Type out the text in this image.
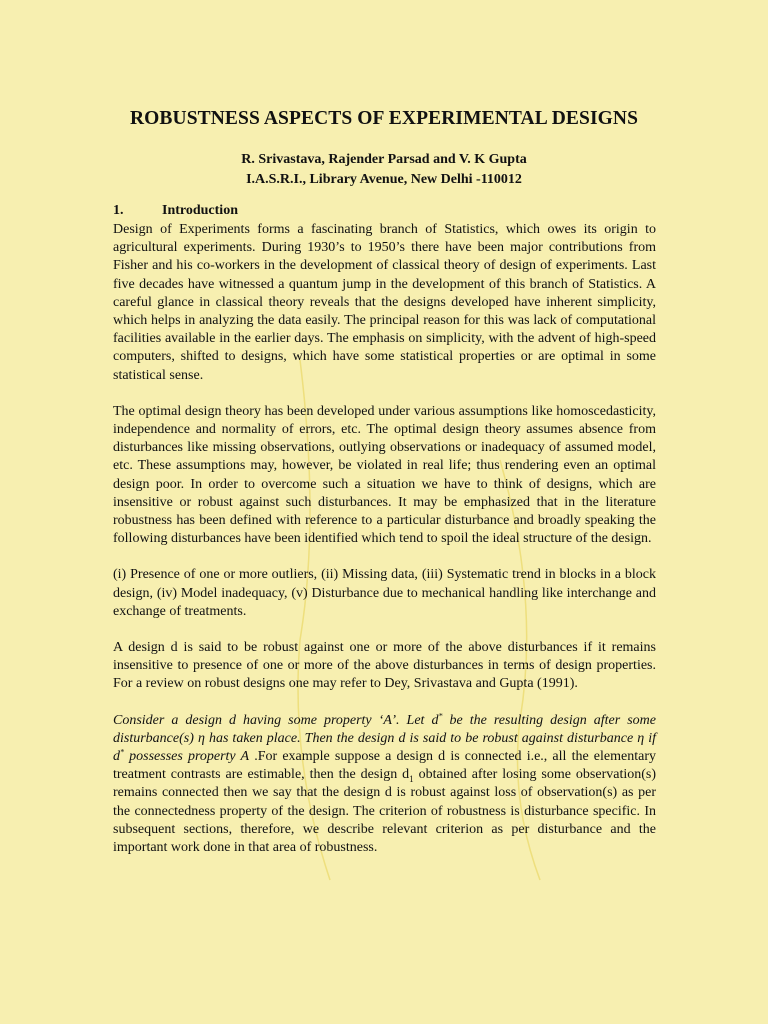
ROBUSTNESS ASPECTS OF EXPERIMENTAL DESIGNS
R. Srivastava, Rajender Parsad and V. K Gupta
I.A.S.R.I., Library Avenue, New Delhi -110012
1.	Introduction

Design of Experiments forms a fascinating branch of Statistics, which owes its origin to agricultural experiments. During 1930’s to 1950’s there have been major contributions from Fisher and his co-workers in the development of classical theory of design of experiments. Last five decades have witnessed a quantum jump in the development of this branch of Statistics. A careful glance in classical theory reveals that the designs developed have inherent simplicity, which helps in analyzing the data easily. The principal reason for this was lack of computational facilities available in the earlier days. The emphasis on simplicity, with the advent of high-speed computers, shifted to designs, which have some statistical properties or are optimal in some statistical sense.

The optimal design theory has been developed under various assumptions like homoscedasticity, independence and normality of errors, etc. The optimal design theory assumes absence from disturbances like missing observations, outlying observations or inadequacy of assumed model, etc. These assumptions may, however, be violated in real life; thus rendering even an optimal design poor. In order to overcome such a situation we have to think of designs, which are insensitive or robust against such disturbances. It may be emphasized that in the literature robustness has been defined with reference to a particular disturbance and broadly speaking the following disturbances have been identified which tend to spoil the ideal structure of the design.

(i) Presence of one or more outliers, (ii) Missing data, (iii) Systematic trend in blocks in a block design, (iv) Model inadequacy, (v) Disturbance due to mechanical handling like interchange and exchange of treatments.

A design d is said to be robust against one or more of the above disturbances if it remains insensitive to presence of one or more of the above disturbances in terms of design properties. For a review on robust designs one may refer to Dey, Srivastava and Gupta (1991).

Consider a design d having some property ‘A’. Let d* be the resulting design after some disturbance(s) η has taken place. Then the design d is said to be robust against disturbance η if d* possesses property A .For example suppose a design d is connected i.e., all the elementary treatment contrasts are estimable, then the design $d_1$ obtained after losing some observation(s) remains connected then we say that the design d is robust against loss of observation(s) as per the connectedness property of the design. The criterion of robustness is disturbance specific. In subsequent sections, therefore, we describe relevant criterion as per disturbance and the important work done in that area of robustness.
